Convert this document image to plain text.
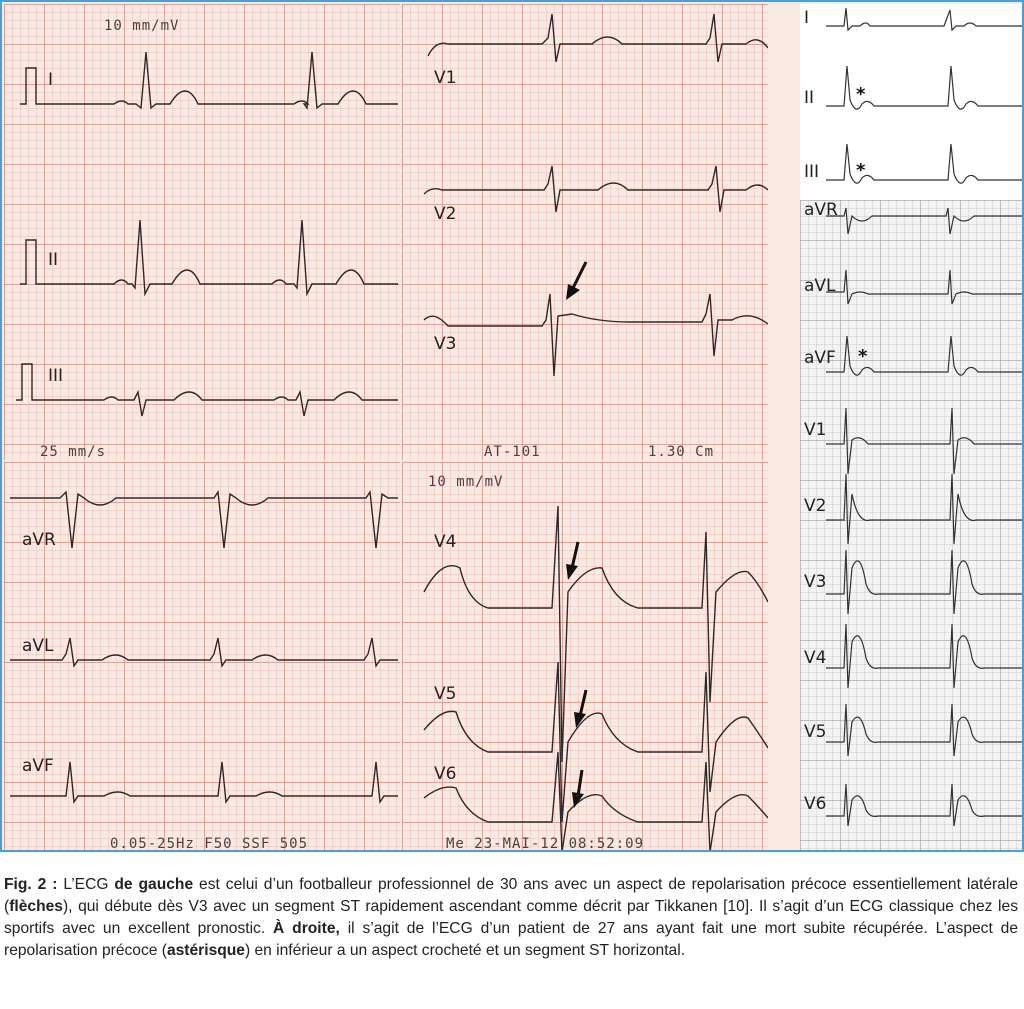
10 mm/mV
I
II
III
25 mm/s
V1
V2
V3
AT-101	1.30 Cm
aVR
aVL
aVF
0.05-25Hz F50 SSF 505
10 mm/mV
V4
V5
V6
Me 23-MAI-12 08:52:09
I
II
III
aVR
aVL
aVF
V1
V2
V3
V4
V5
V6
*
*
*

Fig. 2 : L’ECG de gauche est celui d’un footballeur professionnel de 30 ans avec un aspect de repolarisation précoce essentiellement latérale (flèches), qui débute dès V3 avec un segment ST rapidement ascendant comme décrit par Tikkanen [10]. Il s’agit d’un ECG classique chez les sportifs avec un excellent pronostic. À droite, il s’agit de l’ECG d’un patient de 27 ans ayant fait une mort subite récupérée. L’aspect de repolarisation précoce (astérisque) en inférieur a un aspect crocheté et un segment ST horizontal.
